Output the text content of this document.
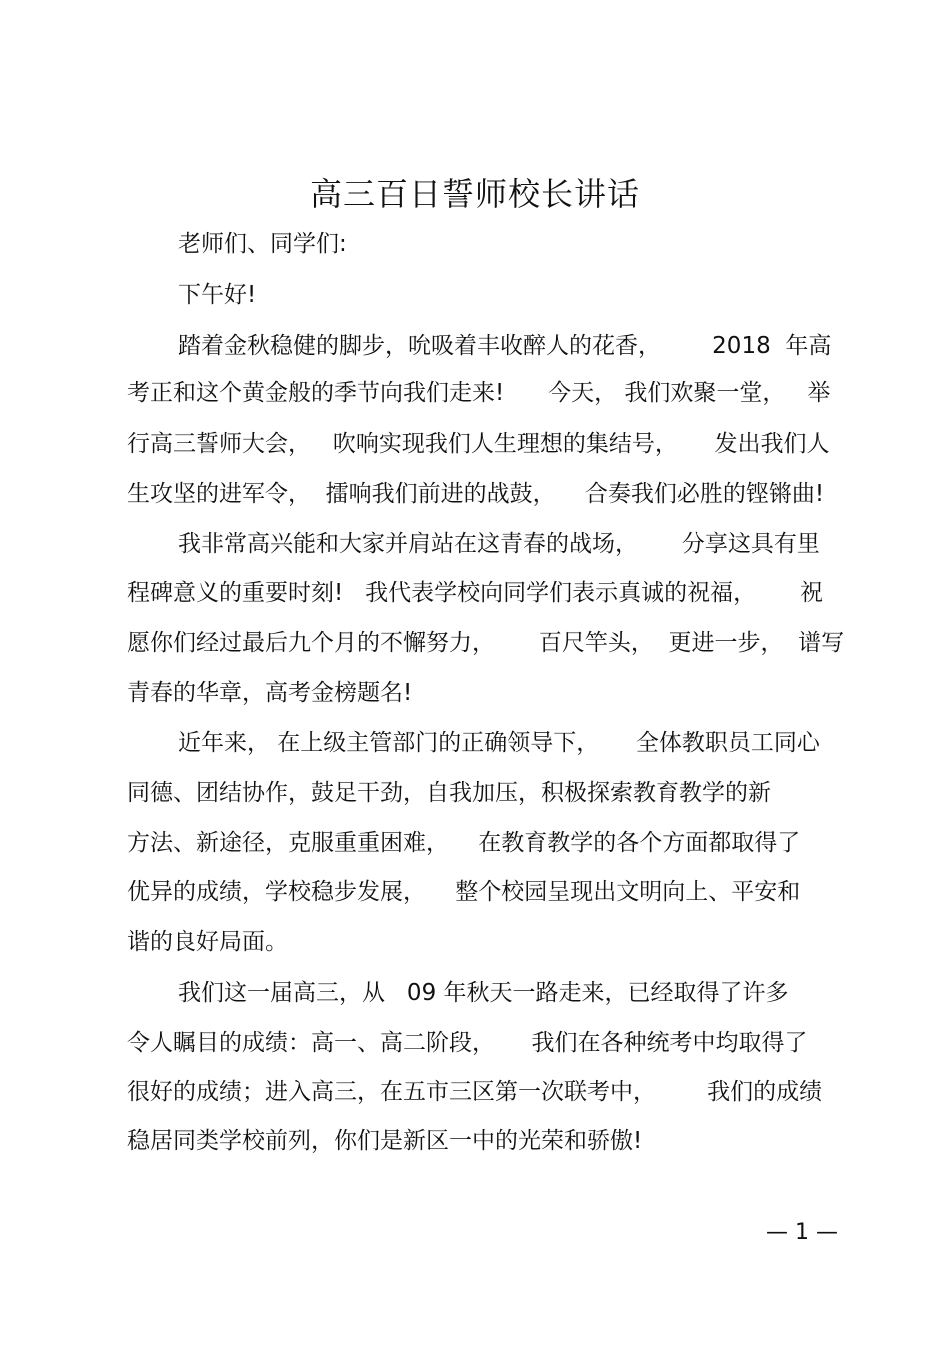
高三百日誓师校长讲话
老师们、同学们:
下午好!
踏着金秋稳健的脚步，吮吸着丰收醉人的花香，       2018  年高
考正和这个黄金般的季节向我们走来!      今天， 我们欢聚一堂，   举
行高三誓师大会，   吹响实现我们人生理想的集结号，     发出我们人
生攻坚的进军令，  擂响我们前进的战鼓，    合奏我们必胜的铿锵曲!
我非常高兴能和大家并肩站在这青春的战场，      分享这具有里
程碑意义的重要时刻!   我代表学校向同学们表示真诚的祝福，      祝
愿你们经过最后九个月的不懈努力，      百尺竿头，  更进一步，  谱写
青春的华章，高考金榜题名!
近年来， 在上级主管部门的正确领导下，     全体教职员工同心
同德、团结协作，鼓足干劲，自我加压，积极探索教育教学的新
方法、新途径，克服重重困难，    在教育教学的各个方面都取得了
优异的成绩，学校稳步发展，    整个校园呈现出文明向上、平安和
谐的良好局面。
我们这一届高三，从   09 年秋天一路走来，已经取得了许多
令人瞩目的成绩：高一、高二阶段，     我们在各种统考中均取得了
很好的成绩；进入高三，在五市三区第一次联考中，       我们的成绩
稳居同类学校前列，你们是新区一中的光荣和骄傲!
— 1 —
